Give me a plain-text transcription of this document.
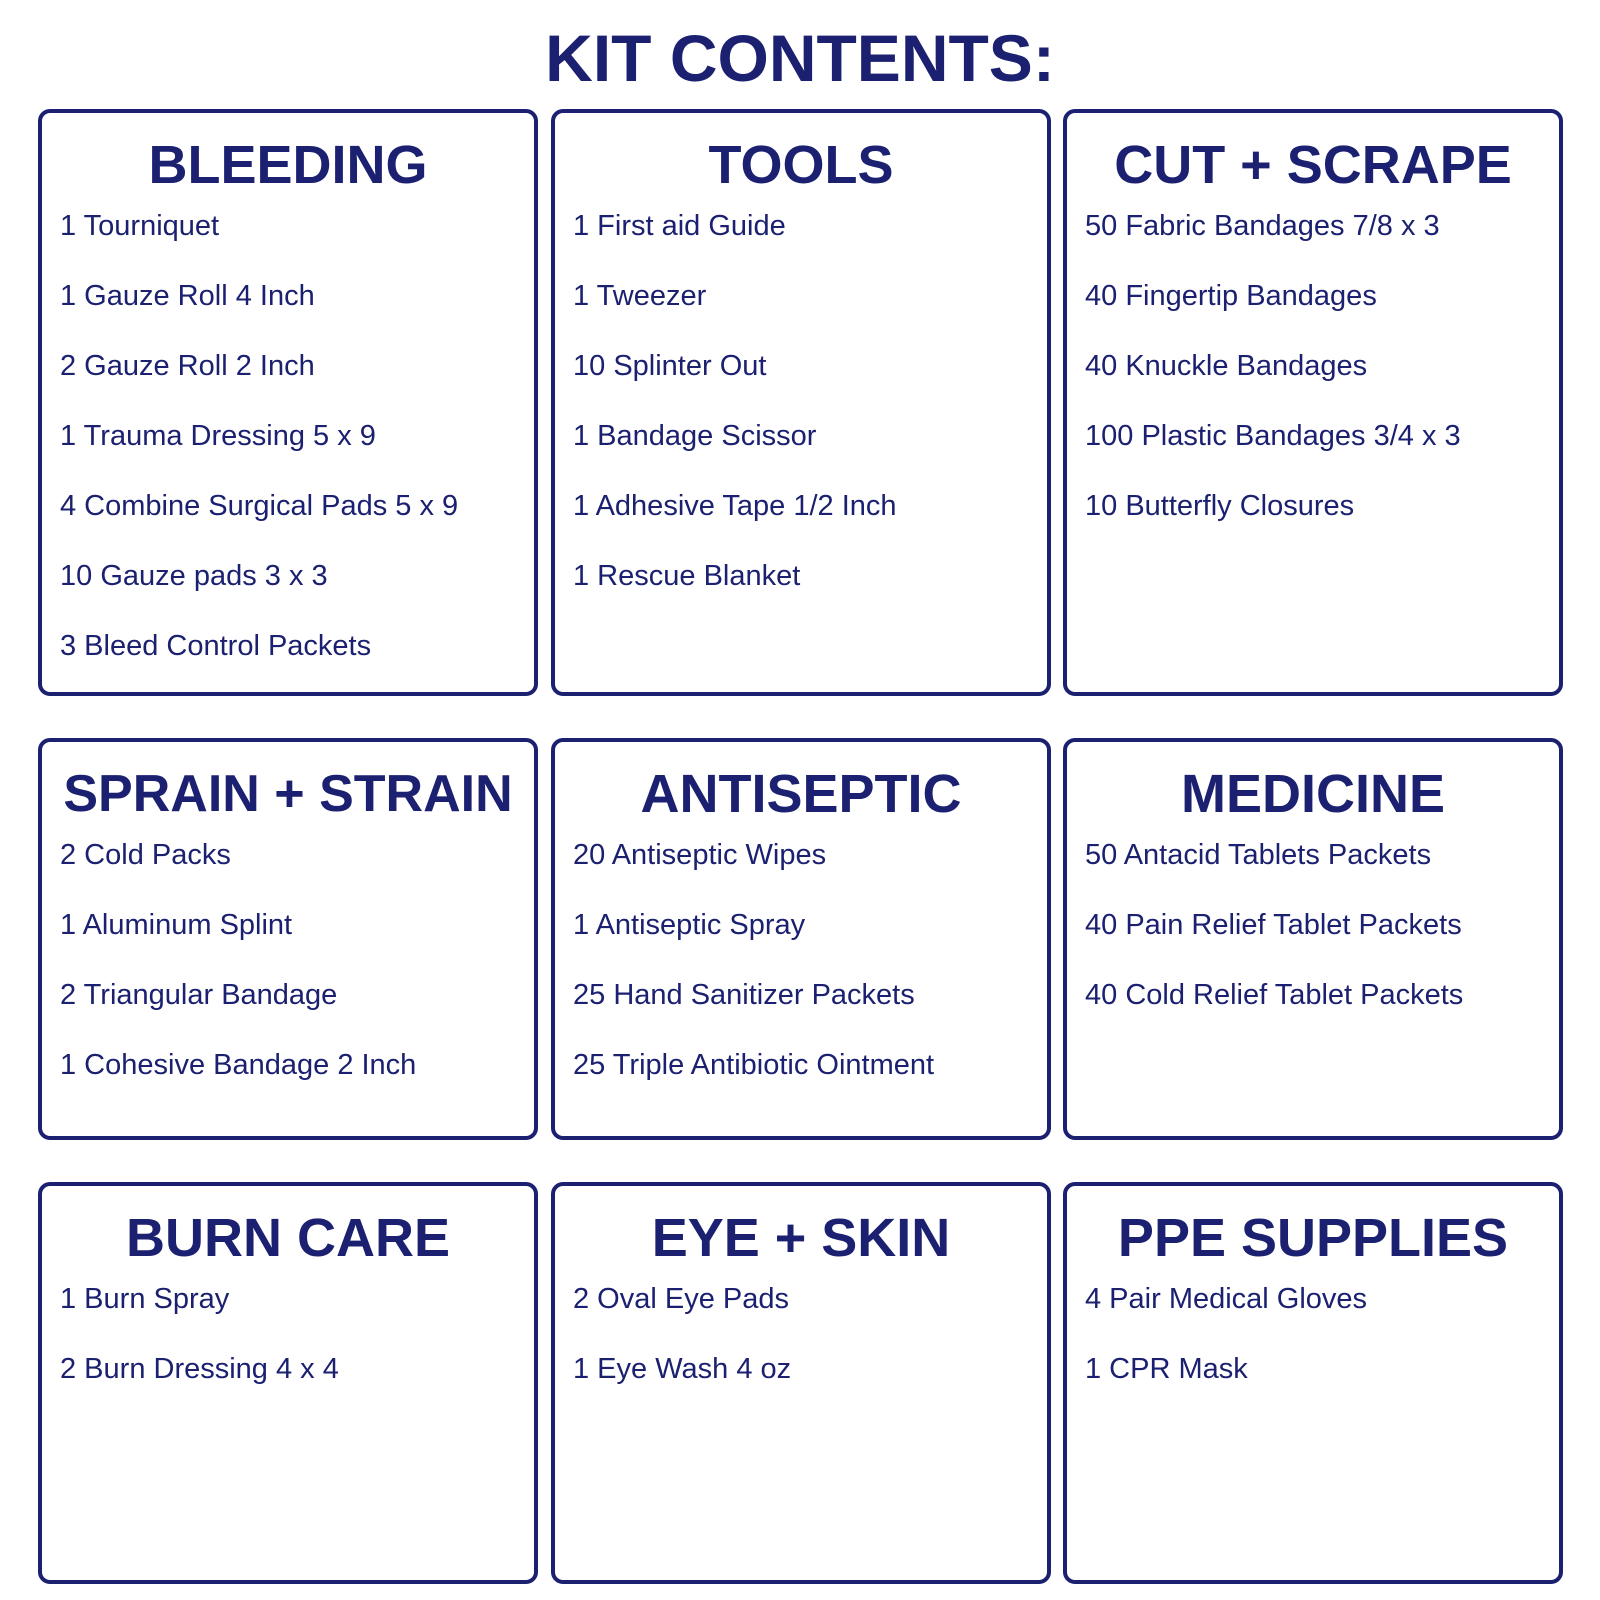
KIT CONTENTS:
BLEEDING
1 Tourniquet
1 Gauze Roll 4 Inch
2 Gauze Roll 2 Inch
1 Trauma Dressing 5 x 9
4 Combine Surgical Pads 5 x 9
10 Gauze pads 3 x 3
3 Bleed Control Packets
TOOLS
1 First aid Guide
1 Tweezer
10 Splinter Out
1 Bandage Scissor
1 Adhesive Tape 1/2 Inch
1 Rescue Blanket
CUT + SCRAPE
50 Fabric Bandages 7/8 x 3
40 Fingertip Bandages
40 Knuckle Bandages
100 Plastic Bandages 3/4 x 3
10 Butterfly Closures
SPRAIN + STRAIN
2 Cold Packs
1 Aluminum Splint
2 Triangular Bandage
1 Cohesive Bandage 2 Inch
ANTISEPTIC
20 Antiseptic Wipes
1 Antiseptic Spray
25 Hand Sanitizer Packets
25 Triple Antibiotic Ointment
MEDICINE
50 Antacid Tablets Packets
40 Pain Relief Tablet Packets
40 Cold Relief Tablet Packets
BURN CARE
1 Burn Spray
2 Burn Dressing 4 x 4
EYE + SKIN
2 Oval Eye Pads
1 Eye Wash 4 oz
PPE SUPPLIES
4 Pair Medical Gloves
1 CPR Mask
